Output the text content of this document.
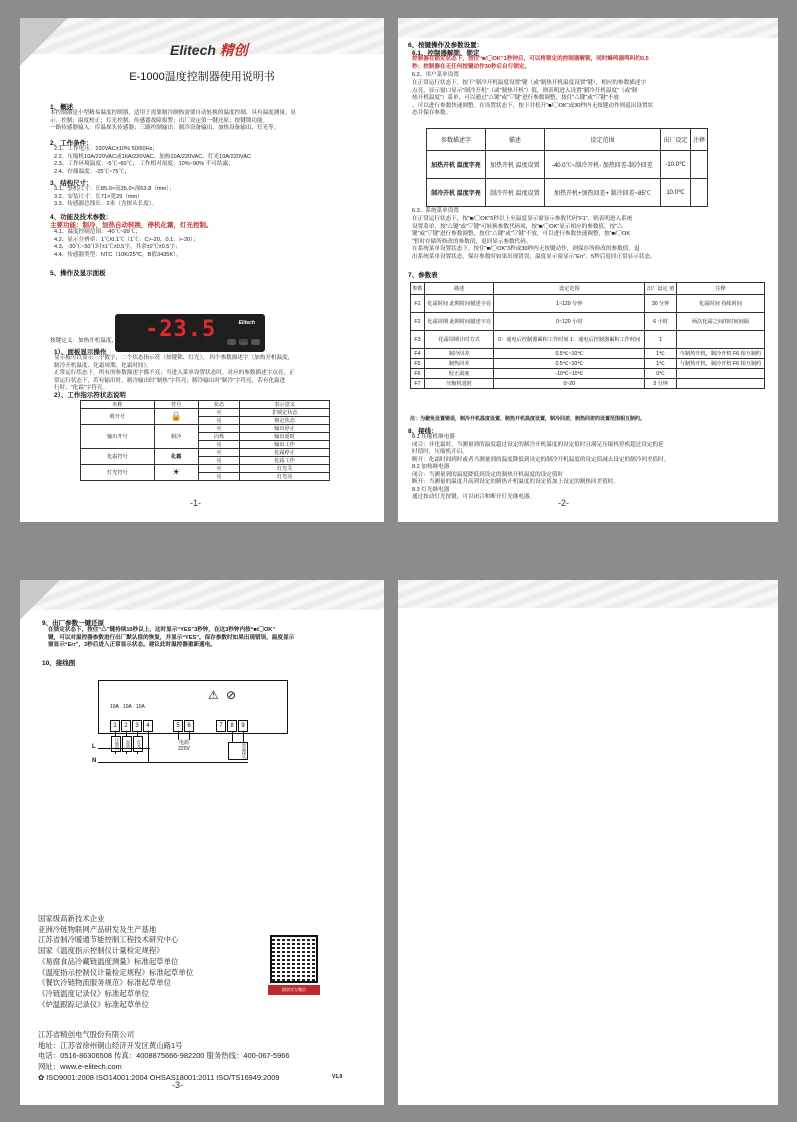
Elitech 精创
E-1000温度控制器使用说明书
1、概述
本控制器是小型精易温度控制器，适用于需要制冷制热需要自动转换的温度控制，具有温度测量、显
示、控制；温度校正；灯光控制、传感器故障报警；出厂设定值一键还原；按键锁功能。
一路传感器输入：库温探头传感器；三路控制输出：制冷设备输出、加热设备输出、灯光等。
2、工作条件：
2.1、工作电压：220VAC±10% 50/60Hz；
2.2、压缩机10A/220VAC或16A/220VAC、加热10A/220VAC、灯光10A/220VAC
2.3、工作环境温度：-5℃~60℃； 工作相对湿度：10%~90% 不可结露；
2.4、存储温度：-25℃~75℃；
3、结构尺寸：
3.1、整机尺寸：长85.0×高35.0×深63.8（mm）；
3.2、安装尺寸：长71×宽29（mm）
3.3、传感器总线长：2米（含探头长度）。
4、功能及技术参数：
主要功能：制冷、加热自动转换，停机化霜，灯光控制。
4.1、温度控制范围：-40℃~99℃；
4.2、显示分辨率：1℃/0.1℃（1℃：C>-20，0.1：>-20）；
4.3、-30℃~50℃时±1℃±0.5字，其余±2℃±0.5字；
4.4、传感器类型：NTC（10K/25℃，B值3435K）。
5、操作及显示面板
-23.5	Elitech
按键定义：加热开机温度，制冷开机温度；灯光（☀）；上调；■/◯OK键，下调键。
1）、面板显示操作
显示板可以显示三个数字，二个状态指示符（按键锁、灯光）， 四个参数描述字（加热开机温度，
制冷开机温度、化霜周期、化霜时间）。
正常运行状态下，所有的参数描述字都不亮；当进入菜单设置状态时，对应的参数描述字点亮，正
常运行状态下，若有输出时，制冷输出时“制热”字符亮；制冷输出时“制冷”字符亮，若有化霜进
行时，“化霜”字符亮。
2）、工作指示符状态说明
名称	符号	状态	表示意义
锁开号	🔒	灭	非锁定状态
		亮	锁定状态
输出开号	制冷	灭	输出停止
		闪烁	输出延时
		亮	输出工作
化霜符号	化霜	灭	化霜停止
		亮	化霜工作
灯光符号	☀	灭	灯光关
		亮	灯光亮
-1-
6、按键操作及参数设置：
6.1、控制器解锁、锁定
控制器在锁定状态下，按住“■/◯OK”1秒钟后，可以将锁定的控制器解锁，同时蜂鸣器鸣叫约0.5
秒；控制器在无任何按键动作30秒后自行锁定。
6.2、用户菜单设置
在正常运行状态下，按下“制冷开机温度设置”键（或“制热开机温度设置”键），相应的参数描述字
点亮，显示窗口显示“制冷开机”（或“制热开机”）值，则表明进入设置“制冷开机温度”（或“制
热开机温度”）菜单，可以通过“△键”或“▽键”进行参数调整，按住“△键”或“▽键”不放
，可以进行参数快速调整。在设置状态下，按下并松开“■/◯OK”或30秒内无按键动作则退出设置状
态并保存参数。
参数描述字	描述	设定范围	出厂设定	注释
加热开机 温度字亮	加热开机 温度设置	-40.0℃~制冷开机- 加热回差-制冷回差	-10.0℃	
制冷开机 温度字亮	制冷开机 温度设置	加热开机+加热回差+ 制冷回差~85℃	10.0℃	
6.3、系统菜单设置
在正常运行状态下，按“■/◯OK”5秒以上至温度显示窗显示参数代码“F1”，则表明进入系统
设置菜单，按“△键”或“▽键”可转换参数代码项，按“■/◯OK”显示相应的参数值，按“△
键”或“▽键”进行参数调整，按住“△键”或“▽键”不放，可以进行参数快速调整，按“■/◯OK
”暂时存储所修改的参数值，返回显示参数代码。
在系统菜单设置状态下，按住“■/◯OK”3秒或30秒内无按键动作，则保存所修改的参数值，退
出系统菜单设置状态，保存参数时如果出现错误，温度显示窗显示“Err”，5秒后返回正常显示状态。
7、参数表
参数	描述	设定范围	出厂设定 值	注释
F1	化霜时间 此期时间描述字亮	1~120 分钟	30 分钟	化霜时间 持续时间
F2	化霜周期 此期时间描述字亮	0~120 小时	6 小时	两次化霜之间的时间间隔
F3	化霜周期计时方式	0：通电后控制器累积工作时间 1：通电后控制器累积工作时间	1	
F4	制冷回差	0.5℃~10℃	1℃	与制热开机，制冷开机 F6 相互制约
F5	制热回差	0.5℃~10℃	1℃	与制热开机，制冷开机 F6 相互制约
F6	校正温度	-10℃~10℃	0℃	
F7	压缩机延时	0~20	3 分钟	
注：为避免设置错误，制冷开机温度设置，制热开机温度设置，制冷回差，制热回差的设置范围相互制约。
8、接线：
8.1 压缩机继电器
闭合：非化霜时，当测量到的温度超过设定的制冷开机温度的设定值时且满足压缩机停机超过设定的延
时值时，压缩机开启。
断开：化霜时间到时或者当测量到的温度降低到设定的制冷开机温度的设定值减去设定的制冷回差值时。
8.2 加热继电器
闭合：当测量到的温度降低到设定的制热开机温度的设定值时
断开：当测量的温度升高到设定的制热开机温度的设定值加上设定的制热回差值时。
8.3 灯光继电器
通过按动灯光按键，可以闭合和断开灯光继电器。
-2-
9、出厂参数一键还原
在锁定状态下，按住“△”键持续10秒以上，这时显示“YES”3秒钟，在这3秒钟内按“■/◯OK”
键，可以对温控器参数进行出厂默认值的恢复，并显示“YES”。保存参数时如果出现错误，温度显示
窗显示“Err”，3秒后进入正常显示状态。建议此时温控器重新通电。
10、接线图
⚠ ⊘
10A 10A 10A
1	2	3	4	5	6	7	8	9
压缩机	加热	灯光
L
N
电源
220V	库温探头
国家级高新技术企业
亚洲冷链物联网产品研发及生产基地
江苏省制冷暖通节能控制工程技术研究中心
国家《温度指示控制仪计量检定规程》
《易腐食品冷藏链温度测量》标准起草单位
《温度指示控制仪计量检定规程》标准起草单位
《餐饮冷链物流服务规范》标准起草单位
《冷链温度记录仪》标准起草单位
《炉温跟踪记录仪》标准起草单位
精创官方微信
江苏省精创电气股份有限公司
地址：江苏省徐州铜山经济开发区黄山路1号
电话：0516-86306508 传真：4008875666-982200 服务热线：400-067-5966
网址：www.e-elitech.com
✿ ISO9001:2008 ISO14001:2004 OHSAS18001:2011 ISO/TS16949:2009	V1.0
-3-
